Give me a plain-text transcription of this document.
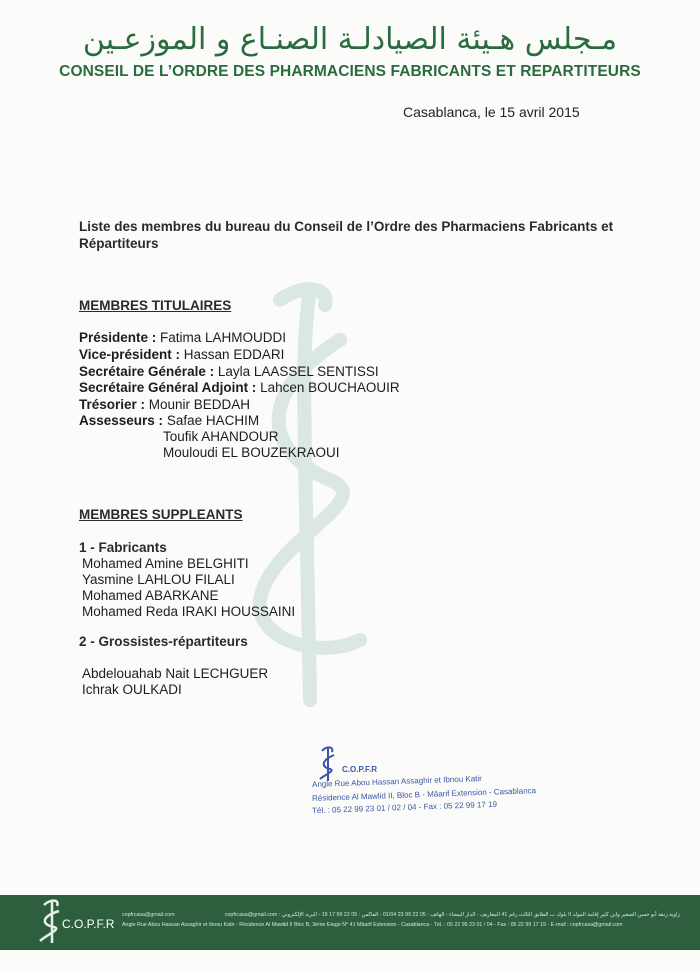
مـجلس هـيئة الصيادلـة الصنـاع و الموزعـين
CONSEIL DE L’ORDRE DES PHARMACIENS FABRICANTS ET REPARTITEURS
Casablanca, le 15 avril 2015
Liste des membres du bureau du Conseil de l’Ordre des Pharmaciens Fabricants et Répartiteurs
MEMBRES TITULAIRES
Présidente : Fatima LAHMOUDDI
Vice-président : Hassan EDDARI
Secrétaire Générale : Layla LAASSEL SENTISSI
Secrétaire Général Adjoint : Lahcen BOUCHAOUIR
Trésorier : Mounir BEDDAH
Assesseurs : Safae HACHIM
Toufik AHANDOUR
Mouloudi EL BOUZEKRAOUI
MEMBRES SUPPLEANTS
1 - Fabricants
Mohamed Amine BELGHITI
Yasmine LAHLOU FILALI
Mohamed ABARKANE
Mohamed Reda IRAKI HOUSSAINI
2 - Grossistes-répartiteurs
Abdelouahab Nait LECHGUER
Ichrak OULKADI
C.O.P.F.R
Angle Rue Abou Hassan Assaghir et Ibnou Katir
Résidence Al Mawlid II, Bloc B - Mâarif Extension - Casablanca
Tél. : 05 22 99 23 01 / 02 / 04 - Fax : 05 22 99 17 19
C.O.P.F.R
copfrcasa@gmail.com	زاوية زنقة أبو حسن الصغير وابن كثير إقامة المولد II بلوك ب الطابق الثالث رقم 41 المعاريف - الدار البيضاء - الهاتف : 05 22 99 23 01/04 - الفاكس : 05 22 99 17 19 - البريد الإلكتروني : copfrcasa@gmail.com
Angle Rue Abou Hassan Assaghir et Ibnou Katir - Résidence Al Mawlid II Bloc B, 3ème Etage N° 41 Mâarif Extension - Casablanca - Tél. : 05 22 99 23 01 / 04 - Fax : 05 22 99 17 19 - E-mail : copfrcasa@gmail.com
